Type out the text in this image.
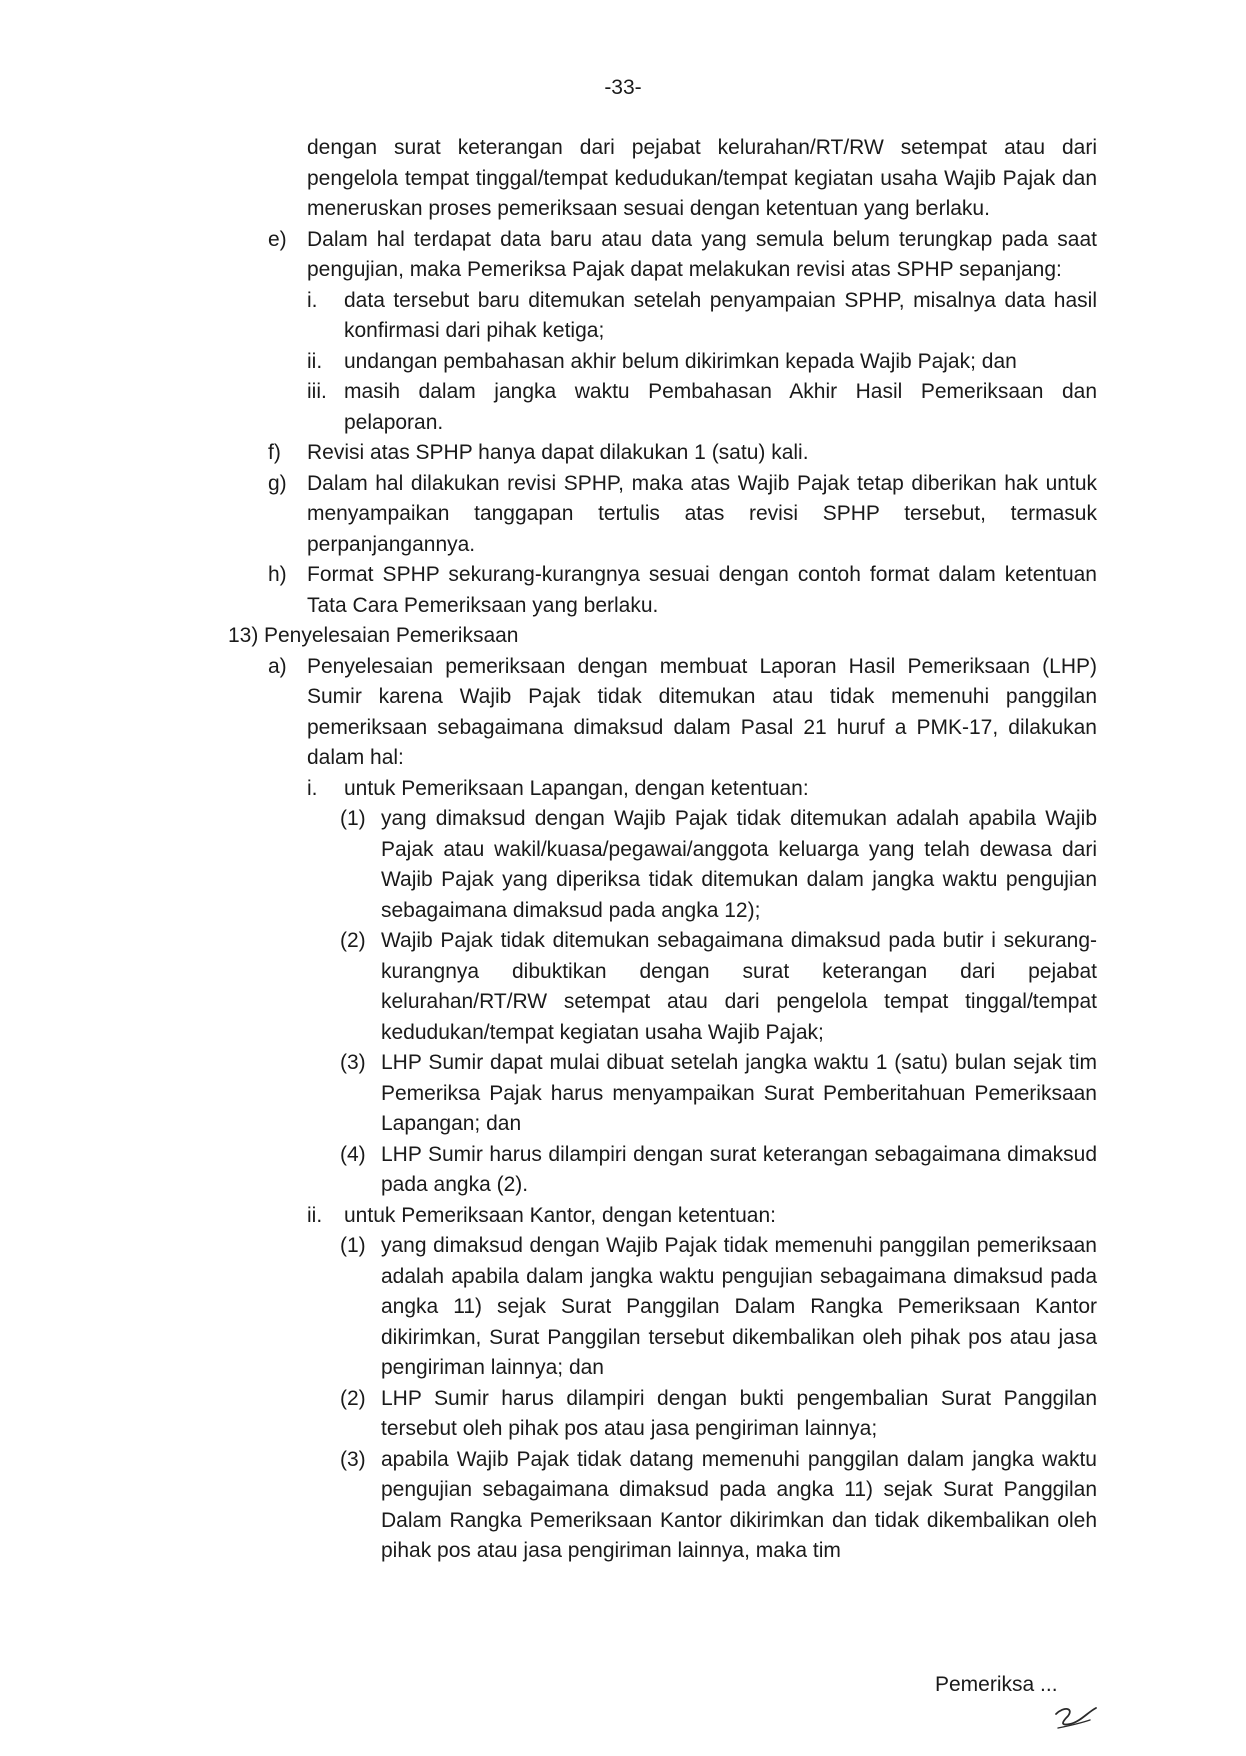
-33-
dengan surat keterangan dari pejabat kelurahan/RT/RW setempat atau dari pengelola tempat tinggal/tempat kedudukan/tempat kegiatan usaha Wajib Pajak dan meneruskan proses pemeriksaan sesuai dengan ketentuan yang berlaku.
e) Dalam hal terdapat data baru atau data yang semula belum terungkap pada saat pengujian, maka Pemeriksa Pajak dapat melakukan revisi atas SPHP sepanjang:
i. data tersebut baru ditemukan setelah penyampaian SPHP, misalnya data hasil konfirmasi dari pihak ketiga;
ii. undangan pembahasan akhir belum dikirimkan kepada Wajib Pajak; dan
iii. masih dalam jangka waktu Pembahasan Akhir Hasil Pemeriksaan dan pelaporan.
f) Revisi atas SPHP hanya dapat dilakukan 1 (satu) kali.
g) Dalam hal dilakukan revisi SPHP, maka atas Wajib Pajak tetap diberikan hak untuk menyampaikan tanggapan tertulis atas revisi SPHP tersebut, termasuk perpanjangannya.
h) Format SPHP sekurang-kurangnya sesuai dengan contoh format dalam ketentuan Tata Cara Pemeriksaan yang berlaku.
13) Penyelesaian Pemeriksaan
a) Penyelesaian pemeriksaan dengan membuat Laporan Hasil Pemeriksaan (LHP) Sumir karena Wajib Pajak tidak ditemukan atau tidak memenuhi panggilan pemeriksaan sebagaimana dimaksud dalam Pasal 21 huruf a PMK-17, dilakukan dalam hal:
i. untuk Pemeriksaan Lapangan, dengan ketentuan:
(1) yang dimaksud dengan Wajib Pajak tidak ditemukan adalah apabila Wajib Pajak atau wakil/kuasa/pegawai/anggota keluarga yang telah dewasa dari Wajib Pajak yang diperiksa tidak ditemukan dalam jangka waktu pengujian sebagaimana dimaksud pada angka 12);
(2) Wajib Pajak tidak ditemukan sebagaimana dimaksud pada butir i sekurang-kurangnya dibuktikan dengan surat keterangan dari pejabat kelurahan/RT/RW setempat atau dari pengelola tempat tinggal/tempat kedudukan/tempat kegiatan usaha Wajib Pajak;
(3) LHP Sumir dapat mulai dibuat setelah jangka waktu 1 (satu) bulan sejak tim Pemeriksa Pajak harus menyampaikan Surat Pemberitahuan Pemeriksaan Lapangan; dan
(4) LHP Sumir harus dilampiri dengan surat keterangan sebagaimana dimaksud pada angka (2).
ii. untuk Pemeriksaan Kantor, dengan ketentuan:
(1) yang dimaksud dengan Wajib Pajak tidak memenuhi panggilan pemeriksaan adalah apabila dalam jangka waktu pengujian sebagaimana dimaksud pada angka 11) sejak Surat Panggilan Dalam Rangka Pemeriksaan Kantor dikirimkan, Surat Panggilan tersebut dikembalikan oleh pihak pos atau jasa pengiriman lainnya; dan
(2) LHP Sumir harus dilampiri dengan bukti pengembalian Surat Panggilan tersebut oleh pihak pos atau jasa pengiriman lainnya;
(3) apabila Wajib Pajak tidak datang memenuhi panggilan dalam jangka waktu pengujian sebagaimana dimaksud pada angka 11) sejak Surat Panggilan Dalam Rangka Pemeriksaan Kantor dikirimkan dan tidak dikembalikan oleh pihak pos atau jasa pengiriman lainnya, maka tim
Pemeriksa ...
